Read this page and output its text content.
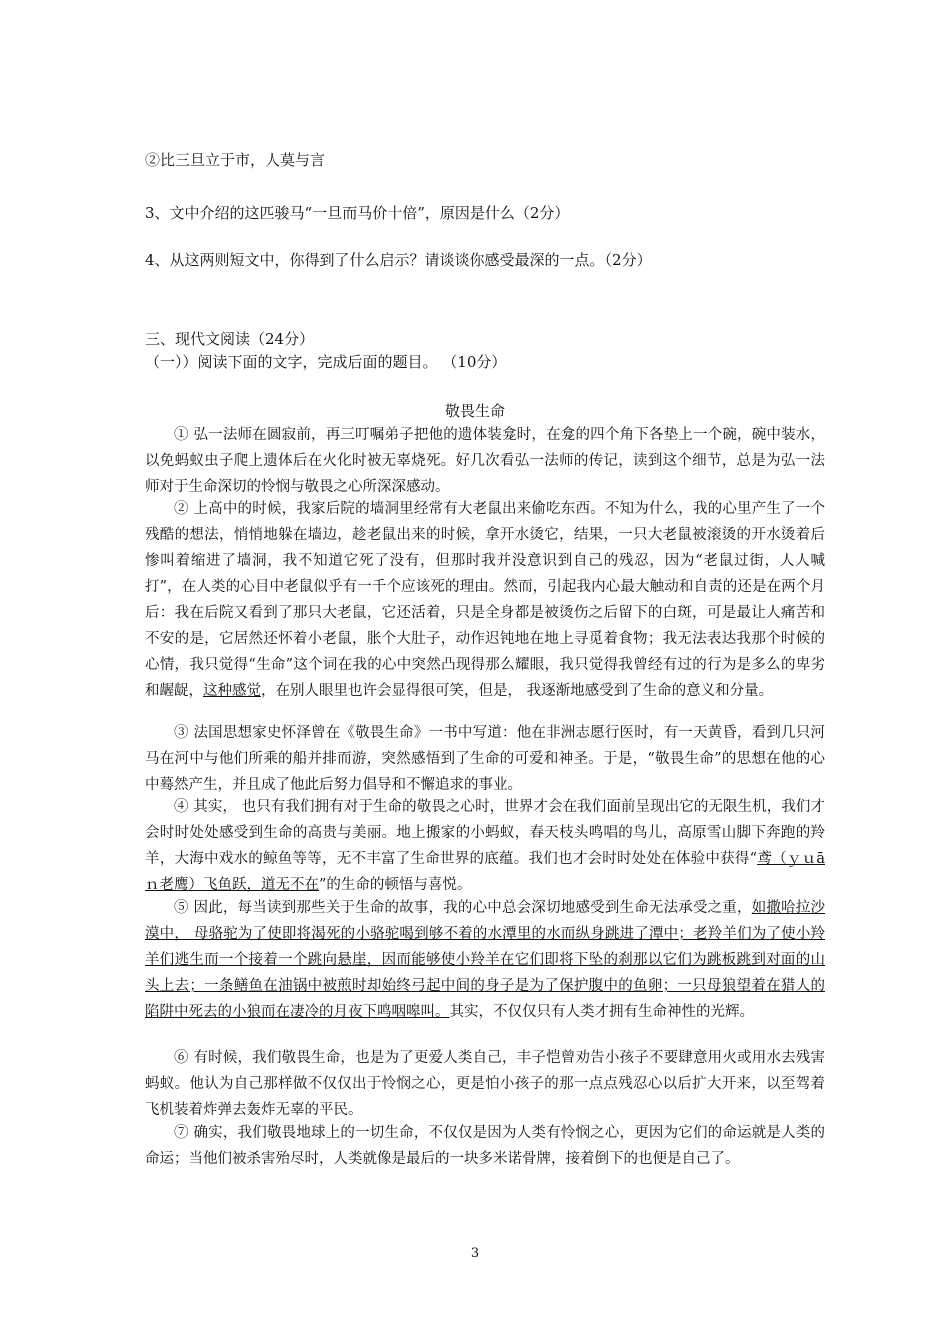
②比三旦立于市，人莫与言
3、文中介绍的这匹骏马“一旦而马价十倍”，原因是什么（2分）
4、从这两则短文中，你得到了什么启示？请谈谈你感受最深的一点。（2分）
三、现代文阅读（24分）
（一））阅读下面的文字，完成后面的题目。 （10分）
敬畏生命
① 弘一法师在圆寂前，再三叮嘱弟子把他的遗体装龛时，在龛的四个角下各垫上一个碗，碗中装水，以免蚂蚁虫子爬上遗体后在火化时被无辜烧死。好几次看弘一法师的传记，读到这个细节，总是为弘一法师对于生命深切的怜悯与敬畏之心所深深感动。
② 上高中的时候，我家后院的墙洞里经常有大老鼠出来偷吃东西。不知为什么，我的心里产生了一个残酷的想法，悄悄地躲在墙边，趁老鼠出来的时候，拿开水烫它，结果，一只大老鼠被滚烫的开水烫着后惨叫着缩进了墙洞，我不知道它死了没有，但那时我并没意识到自己的残忍，因为“老鼠过街，人人喊打”，在人类的心目中老鼠似乎有一千个应该死的理由。然而，引起我内心最大触动和自责的还是在两个月后：我在后院又看到了那只大老鼠，它还活着，只是全身都是被烫伤之后留下的白斑，可是最让人痛苦和不安的是，它居然还怀着小老鼠，胀个大肚子，动作迟钝地在地上寻觅着食物；我无法表达我那个时候的心情，我只觉得“生命”这个词在我的心中突然凸现得那么耀眼，我只觉得我曾经有过的行为是多么的卑劣和龌龊，这种感觉，在别人眼里也许会显得很可笑，但是， 我逐渐地感受到了生命的意义和分量。
③ 法国思想家史怀泽曾在《敬畏生命》一书中写道：他在非洲志愿行医时，有一天黄昏，看到几只河马在河中与他们所乘的船并排而游，突然感悟到了生命的可爱和神圣。于是，“敬畏生命”的思想在他的心中蓦然产生，并且成了他此后努力倡导和不懈追求的事业。
④ 其实， 也只有我们拥有对于生命的敬畏之心时，世界才会在我们面前呈现出它的无限生机，我们才会时时处处感受到生命的高贵与美丽。地上搬家的小蚂蚁，春天枝头鸣唱的鸟儿，高原雪山脚下奔跑的羚羊，大海中戏水的鲸鱼等等，无不丰富了生命世界的底蕴。我们也才会时时处处在体验中获得“鸢（ｙｕā ｎ老鹰）飞鱼跃，道无不在”的生命的顿悟与喜悦。
⑤ 因此，每当读到那些关于生命的故事，我的心中总会深切地感受到生命无法承受之重，如撒哈拉沙漠中， 母骆驼为了使即将渴死的小骆驼喝到够不着的水潭里的水而纵身跳进了潭中；老羚羊们为了使小羚羊们逃生而一个接着一个跳向悬崖，因而能够使小羚羊在它们即将下坠的刹那以它们为跳板跳到对面的山头上去；一条鳝鱼在油锅中被煎时却始终弓起中间的身子是为了保护腹中的鱼卵；一只母狼望着在猎人的陷阱中死去的小狼而在凄冷的月夜下鸣咽嗥叫。其实，不仅仅只有人类才拥有生命神性的光辉。
⑥ 有时候，我们敬畏生命，也是为了更爱人类自己，丰子恺曾劝告小孩子不要肆意用火或用水去残害蚂蚁。他认为自己那样做不仅仅出于怜悯之心，更是怕小孩子的那一点点残忍心以后扩大开来，以至驾着飞机装着炸弹去轰炸无辜的平民。
⑦ 确实，我们敬畏地球上的一切生命，不仅仅是因为人类有怜悯之心，更因为它们的命运就是人类的命运；当他们被杀害殆尽时，人类就像是最后的一块多米诺骨牌，接着倒下的也便是自己了。
3
